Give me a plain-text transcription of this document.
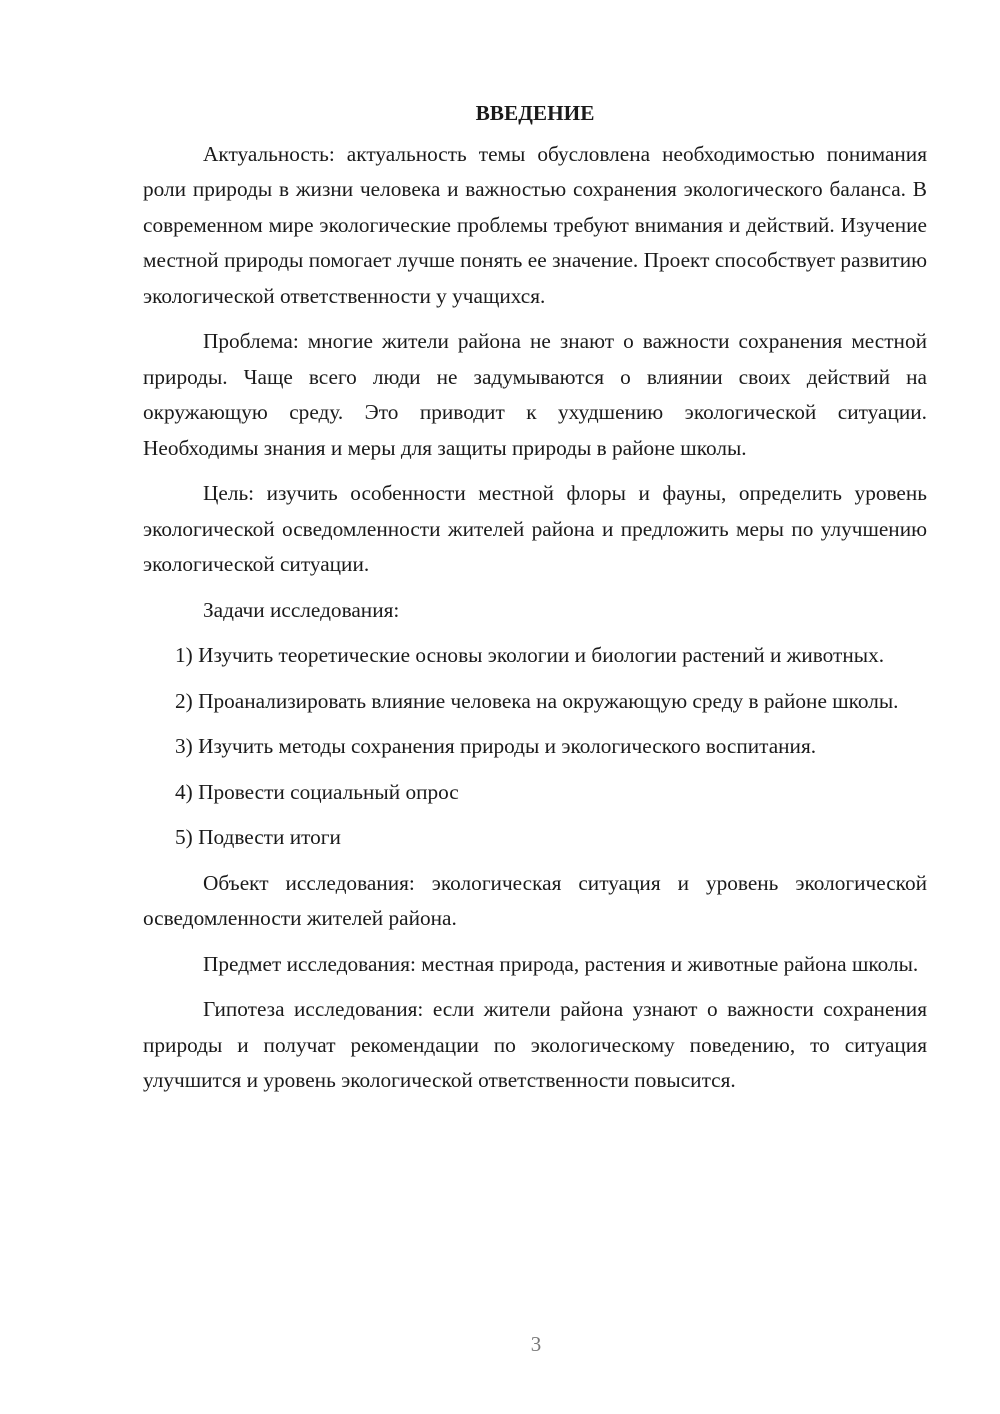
ВВЕДЕНИЕ

Актуальность: актуальность темы обусловлена необходимостью понимания роли природы в жизни человека и важностью сохранения экологического баланса. В современном мире экологические проблемы требуют внимания и действий. Изучение местной природы помогает лучше понять ее значение. Проект способствует развитию экологической ответственности у учащихся.

Проблема: многие жители района не знают о важности сохранения местной природы. Чаще всего люди не задумываются о влиянии своих действий на окружающую среду. Это приводит к ухудшению экологической ситуации. Необходимы знания и меры для защиты природы в районе школы.

Цель: изучить особенности местной флоры и фауны, определить уровень экологической осведомленности жителей района и предложить меры по улучшению экологической ситуации.

Задачи исследования:

1) Изучить теоретические основы экологии и биологии растений и животных.

2) Проанализировать влияние человека на окружающую среду в районе школы.

3) Изучить методы сохранения природы и экологического воспитания.

4) Провести социальный опрос

5) Подвести итоги

Объект исследования: экологическая ситуация и уровень экологической осведомленности жителей района.

Предмет исследования: местная природа, растения и животные района школы.

Гипотеза исследования: если жители района узнают о важности сохранения природы и получат рекомендации по экологическому поведению, то ситуация улучшится и уровень экологической ответственности повысится.

3
